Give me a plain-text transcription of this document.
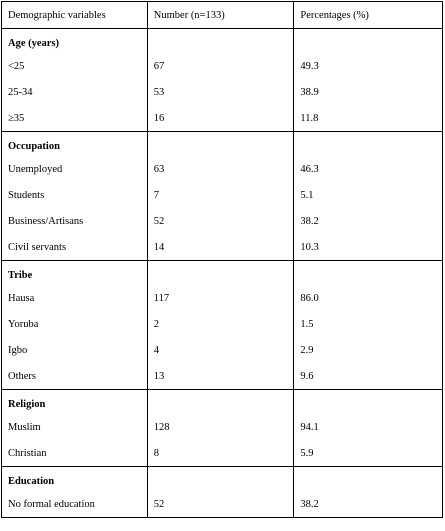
Demographic variables	Number (n=133)	Percentages (%)
Age (years)		
<25	67	49.3
25-34	53	38.9
≥35	16	11.8
Occupation		
Unemployed	63	46.3
Students	7	5.1
Business/Artisans	52	38.2
Civil servants	14	10.3
Tribe		
Hausa	117	86.0
Yoruba	2	1.5
Igbo	4	2.9
Others	13	9.6
Religion		
Muslim	128	94.1
Christian	8	5.9
Education		
No formal education	52	38.2
